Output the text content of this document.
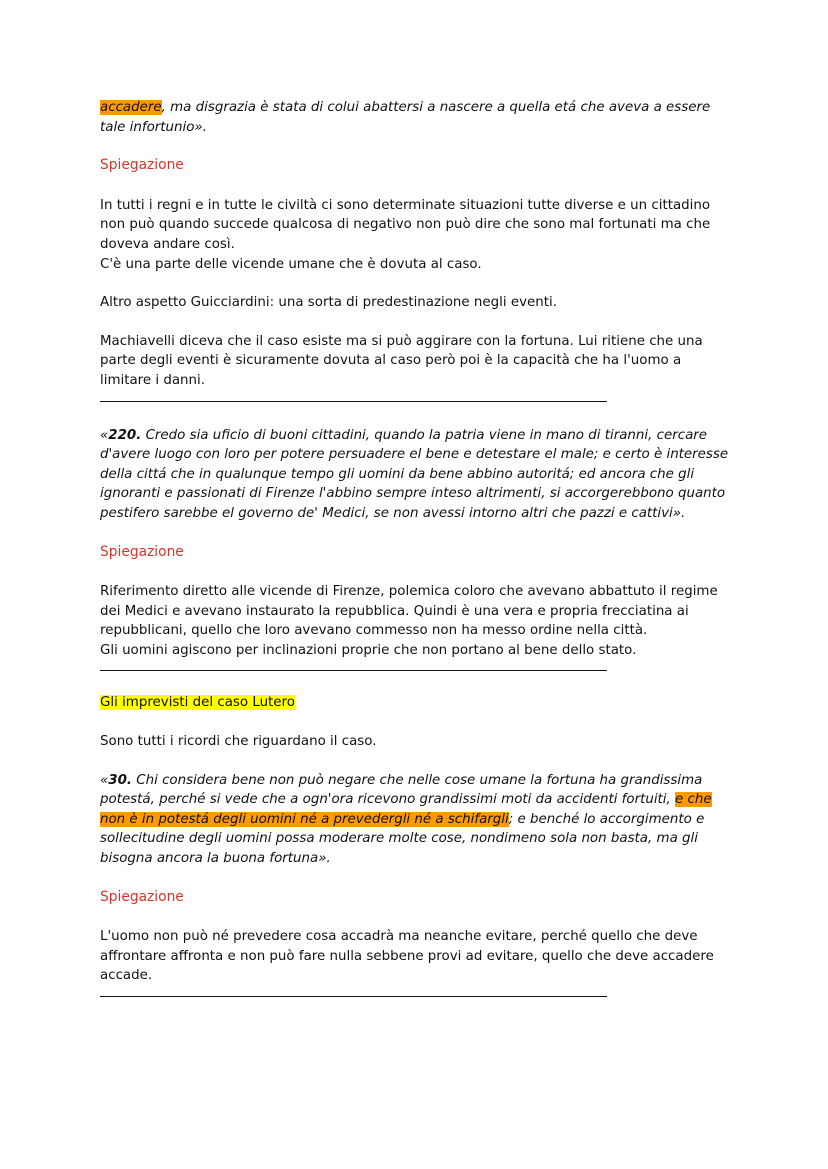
accadere, ma disgrazia è stata di colui abattersi a nascere a quella etá che aveva a essere tale infortunio».

Spiegazione

In tutti i regni e in tutte le civiltà ci sono determinate situazioni tutte diverse e un cittadino non può quando succede qualcosa di negativo non può dire che sono mal fortunati ma che doveva andare così.

C'è una parte delle vicende umane che è dovuta al caso.

Altro aspetto Guicciardini: una sorta di predestinazione negli eventi.

Machiavelli diceva che il caso esiste ma si può aggirare con la fortuna. Lui ritiene che una parte degli eventi è sicuramente dovuta al caso però poi è la capacità che ha l'uomo a limitare i danni.

«220. Credo sia uficio di buoni cittadini, quando la patria viene in mano di tiranni, cercare d'avere luogo con loro per potere persuadere el bene e detestare el male; e certo è interesse della cittá che in qualunque tempo gli uomini da bene abbino autoritá; ed ancora che gli ignoranti e passionati di Firenze l'abbino sempre inteso altrimenti, si accorgerebbono quanto pestifero sarebbe el governo de' Medici, se non avessi intorno altri che pazzi e cattivi».

Spiegazione

Riferimento diretto alle vicende di Firenze, polemica coloro che avevano abbattuto il regime dei Medici e avevano instaurato la repubblica. Quindi è una vera e propria frecciatina ai repubblicani, quello che loro avevano commesso non ha messo ordine nella città.

Gli uomini agiscono per inclinazioni proprie che non portano al bene dello stato.

Gli imprevisti del caso Lutero

Sono tutti i ricordi che riguardano il caso.

«30. Chi considera bene non può negare che nelle cose umane la fortuna ha grandissima potestá, perché si vede che a ogn'ora ricevono grandissimi moti da accidenti fortuiti, e che non è in potestá degli uomini né a prevedergli né a schifargli; e benché lo accorgimento e sollecitudine degli uomini possa moderare molte cose, nondimeno sola non basta, ma gli bisogna ancora la buona fortuna».

Spiegazione

L'uomo non può né prevedere cosa accadrà ma neanche evitare, perché quello che deve affrontare affronta e non può fare nulla sebbene provi ad evitare, quello che deve accadere accade.
